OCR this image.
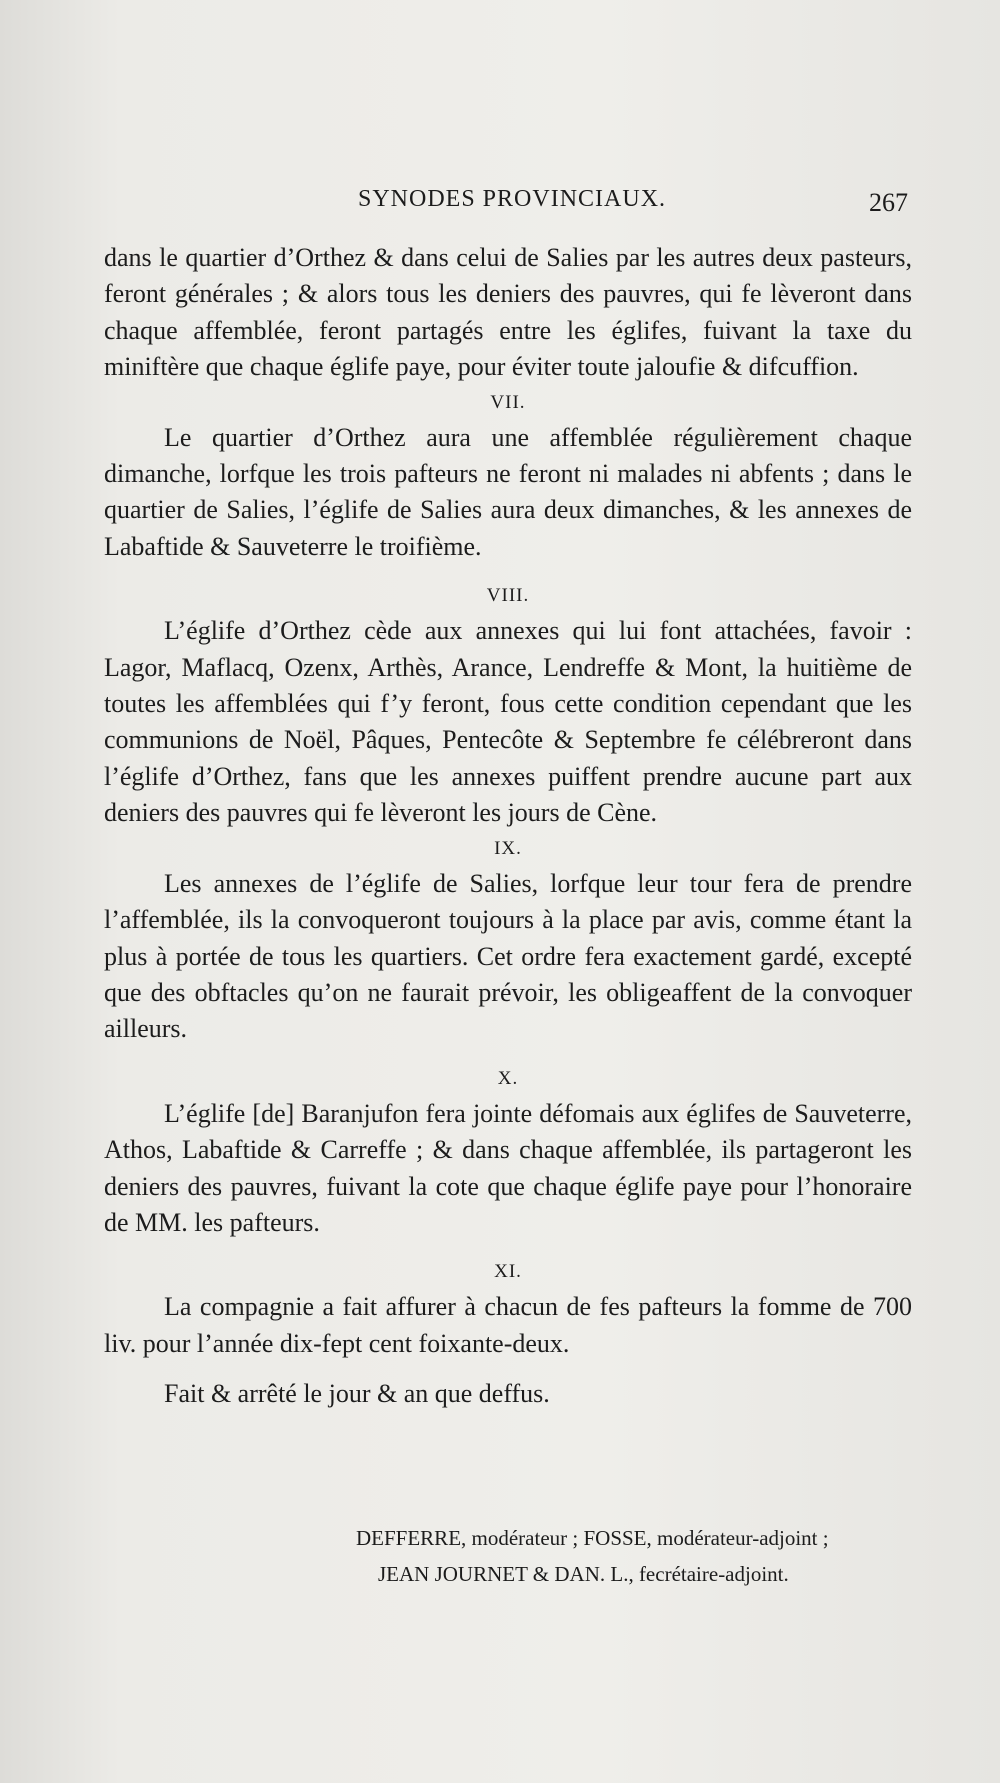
SYNODES PROVINCIAUX.	267

dans le quartier d’Orthez & dans celui de Salies par les autres deux pasteurs, feront générales ; & alors tous les deniers des pauvres, qui fe lèveront dans chaque affemblée, feront partagés entre les églifes, fuivant la taxe du miniftère que chaque églife paye, pour éviter toute jaloufie & difcuffion.

VII.

Le quartier d’Orthez aura une affemblée régulièrement chaque dimanche, lorfque les trois pafteurs ne feront ni malades ni abfents ; dans le quartier de Salies, l’églife de Salies aura deux dimanches, & les annexes de Labaftide & Sauveterre le troifième.

VIII.

L’églife d’Orthez cède aux annexes qui lui font attachées, favoir : Lagor, Maflacq, Ozenx, Arthès, Arance, Lendreffe & Mont, la huitième de toutes les affemblées qui f’y feront, fous cette condition cependant que les communions de Noël, Pâques, Pentecôte & Septembre fe célébreront dans l’églife d’Orthez, fans que les annexes puiffent prendre aucune part aux deniers des pauvres qui fe lèveront les jours de Cène.

IX.

Les annexes de l’églife de Salies, lorfque leur tour fera de prendre l’affemblée, ils la convoqueront toujours à la place par avis, comme étant la plus à portée de tous les quartiers. Cet ordre fera exactement gardé, excepté que des obftacles qu’on ne faurait prévoir, les obligeaffent de la convoquer ailleurs.

X.

L’églife [de] Baranjufon fera jointe défomais aux églifes de Sauveterre, Athos, Labaftide & Carreffe ; & dans chaque affemblée, ils partageront les deniers des pauvres, fuivant la cote que chaque églife paye pour l’honoraire de MM. les pafteurs.

XI.

La compagnie a fait affurer à chacun de fes pafteurs la fomme de 700 liv. pour l’année dix-fept cent foixante-deux.

Fait & arrêté le jour & an que deffus.

DEFFERRE, modérateur ; FOSSE, modérateur-adjoint ;
JEAN JOURNET & DAN. L., fecrétaire-adjoint.
